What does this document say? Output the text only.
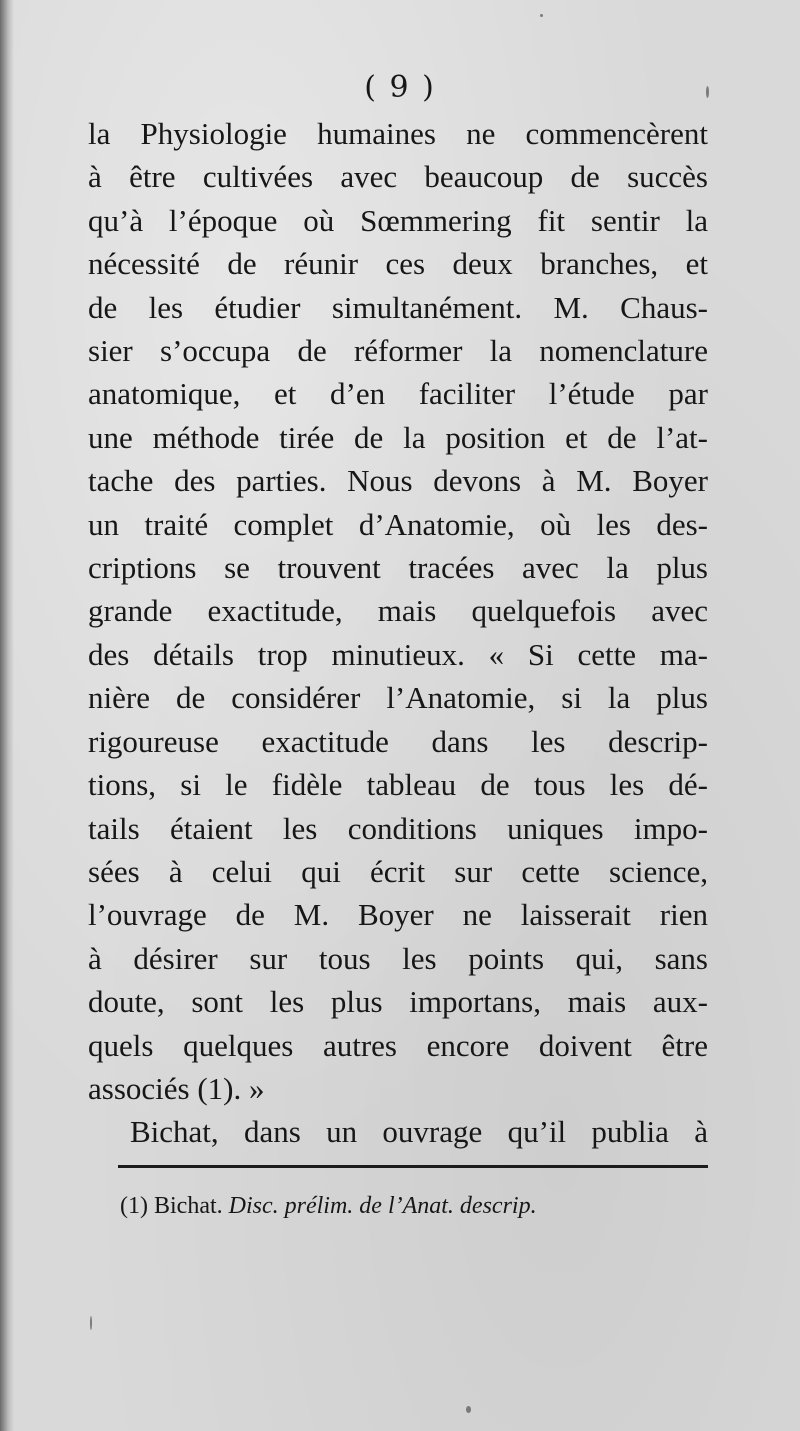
( 9 )
la Physiologie humaines ne commencèrent
à être cultivées avec beaucoup de succès
qu’à l’époque où Sœmmering fit sentir la
nécessité de réunir ces deux branches, et
de les étudier simultanément. M. Chaus-
sier s’occupa de réformer la nomenclature
anatomique, et d’en faciliter l’étude par
une méthode tirée de la position et de l’at-
tache des parties. Nous devons à M. Boyer
un traité complet d’Anatomie, où les des-
criptions se trouvent tracées avec la plus
grande exactitude, mais quelquefois avec
des détails trop minutieux. « Si cette ma-
nière de considérer l’Anatomie, si la plus
rigoureuse exactitude dans les descrip-
tions, si le fidèle tableau de tous les dé-
tails étaient les conditions uniques impo-
sées à celui qui écrit sur cette science,
l’ouvrage de M. Boyer ne laisserait rien
à désirer sur tous les points qui, sans
doute, sont les plus importans, mais aux-
quels quelques autres encore doivent être
associés (1). »
Bichat, dans un ouvrage qu’il publia à
(1) Bichat. Disc. prélim. de l’Anat. descrip.
